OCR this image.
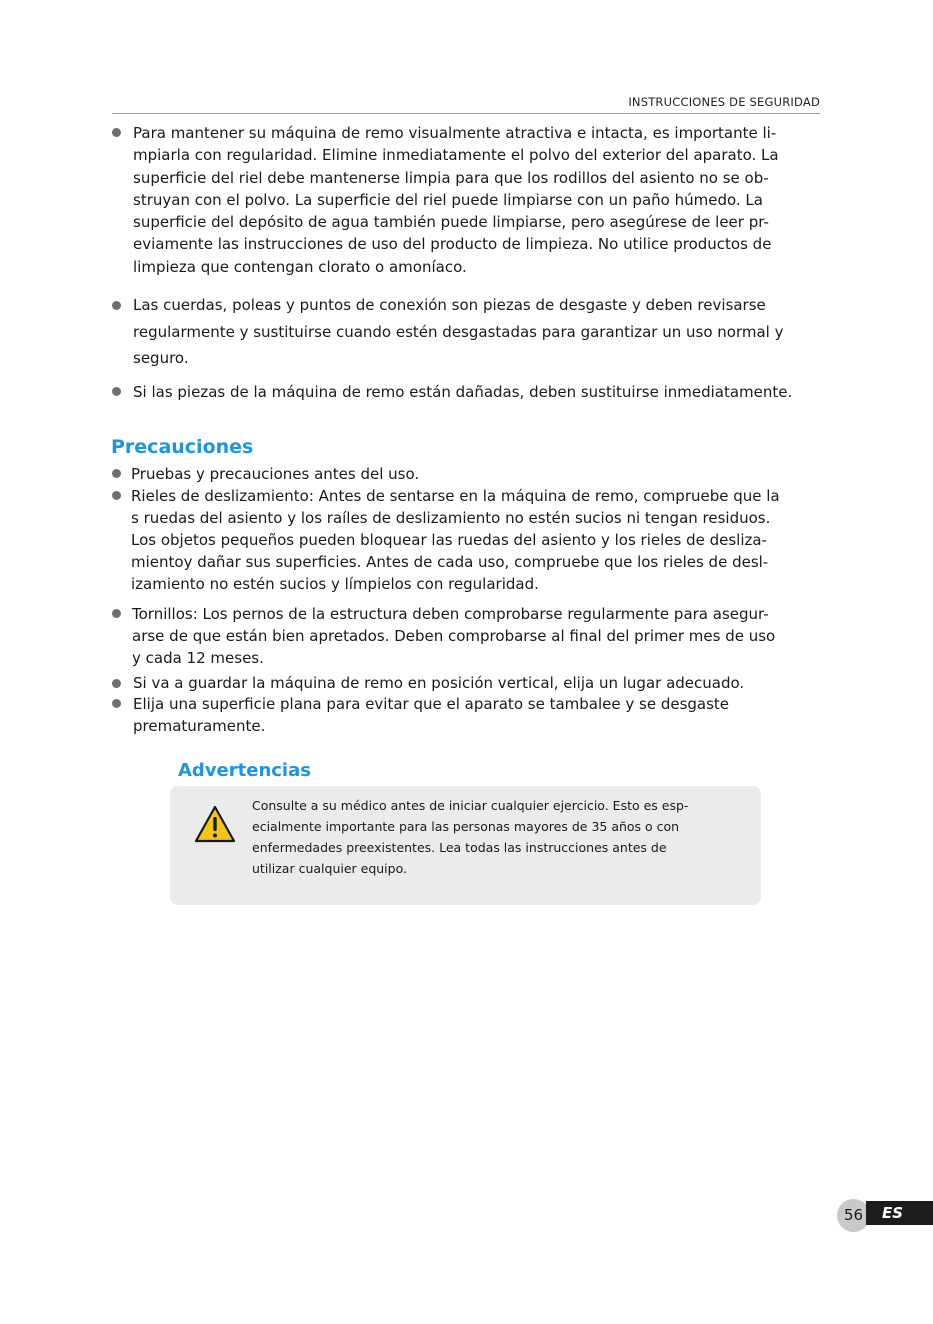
INSTRUCCIONES DE SEGURIDAD
Para mantener su máquina de remo visualmente atractiva e intacta, es importante li-
mpiarla con regularidad. Elimine inmediatamente el polvo del exterior del aparato. La
superficie del riel debe mantenerse limpia para que los rodillos del asiento no se ob-
struyan con el polvo. La superficie del riel puede limpiarse con un paño húmedo. La
superficie del depósito de agua también puede limpiarse, pero asegúrese de leer pr-
eviamente las instrucciones de uso del producto de limpieza. No utilice productos de
limpieza que contengan clorato o amoníaco.
Las cuerdas, poleas y puntos de conexión son piezas de desgaste y deben revisarse
regularmente y sustituirse cuando estén desgastadas para garantizar un uso normal y
seguro.
Si las piezas de la máquina de remo están dañadas, deben sustituirse inmediatamente.
Precauciones
Pruebas y precauciones antes del uso.
Rieles de deslizamiento: Antes de sentarse en la máquina de remo, compruebe que la
s ruedas del asiento y los raíles de deslizamiento no estén sucios ni tengan residuos.
Los objetos pequeños pueden bloquear las ruedas del asiento y los rieles de desliza-
mientoy dañar sus superficies. Antes de cada uso, compruebe que los rieles de desl-
izamiento no estén sucios y límpielos con regularidad.
Tornillos: Los pernos de la estructura deben comprobarse regularmente para asegur-
arse de que están bien apretados. Deben comprobarse al final del primer mes de uso
y cada 12 meses.
Si va a guardar la máquina de remo en posición vertical, elija un lugar adecuado.
Elija una superficie plana para evitar que el aparato se tambalee y se desgaste
prematuramente.
Advertencias
Consulte a su médico antes de iniciar cualquier ejercicio. Esto es esp-
ecialmente importante para las personas mayores de 35 años o con
enfermedades preexistentes. Lea todas las instrucciones antes de
utilizar cualquier equipo.
56	ES
